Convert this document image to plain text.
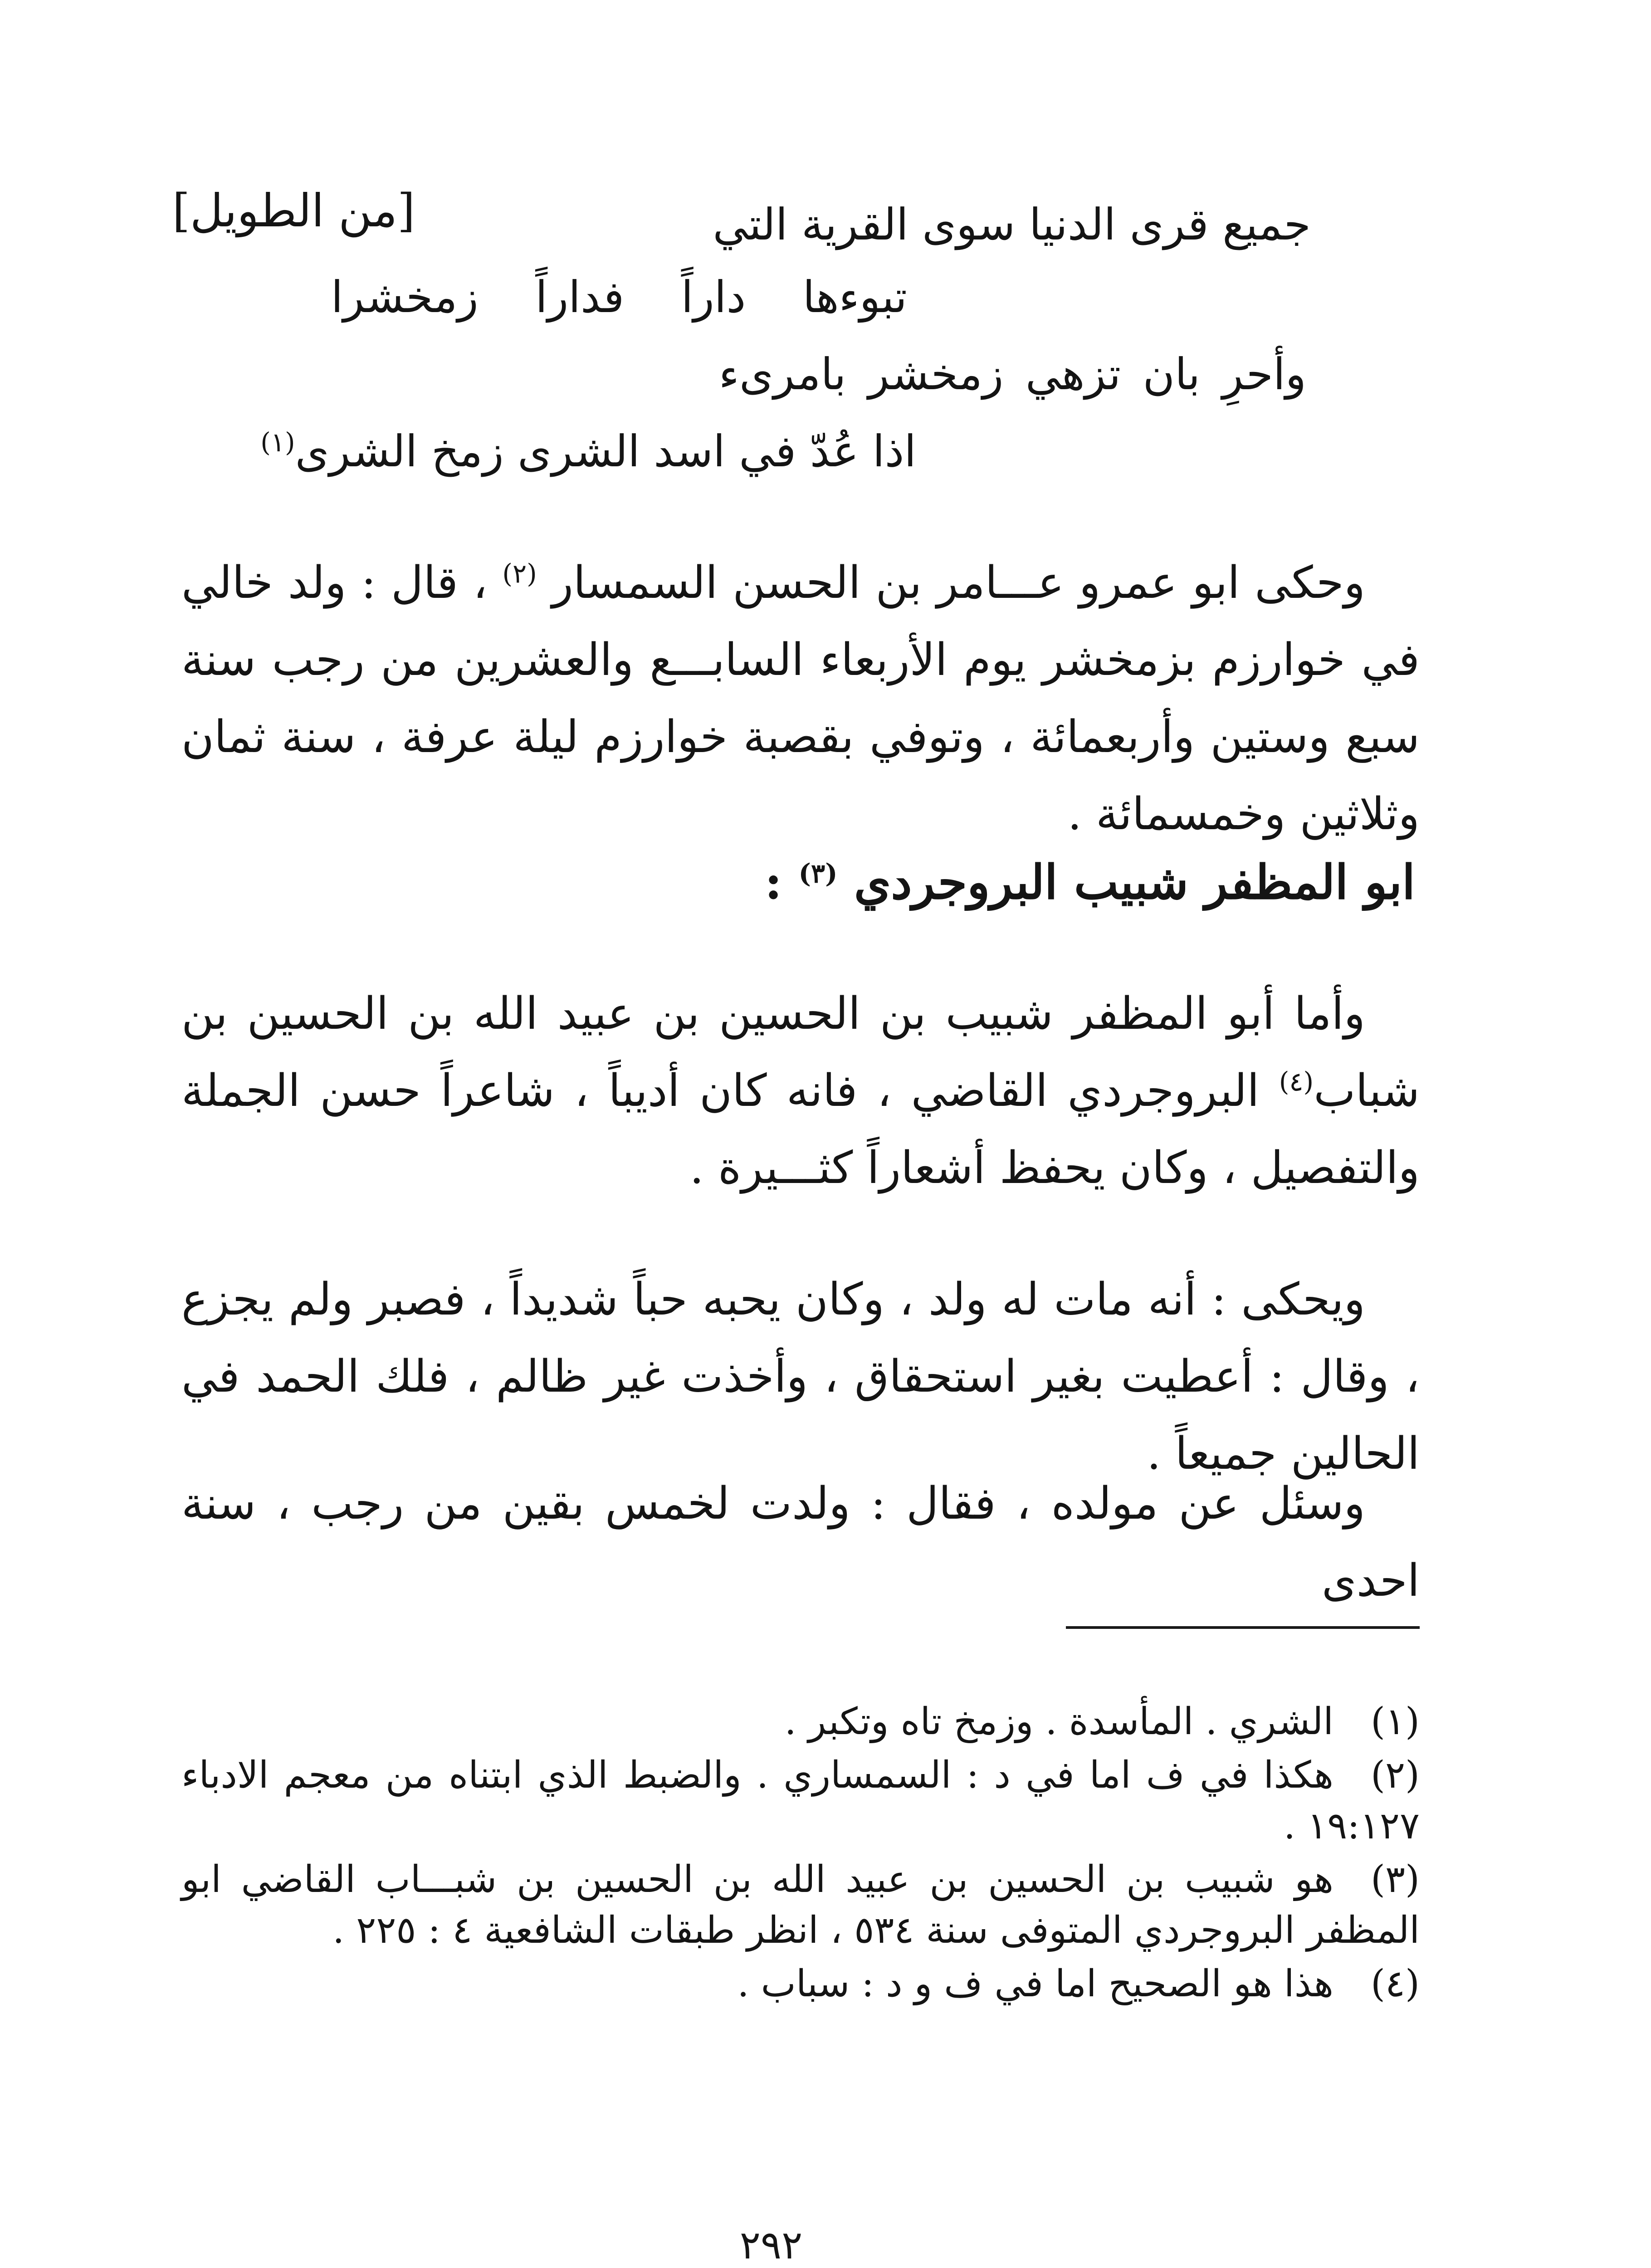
[من الطويل]	جميع قرى الدنيا سوى القرية التي
تبوءها داراً فداراً زمخشرا
وأحرِ بان تزهي زمخشر بامرىء
اذا عُدّ في اسد الشرى زمخ الشرى$^{(١)}$
وحكى ابو عمرو عـــامر بن الحسن السمسار $^{(٢)}$ ، قال : ولد خالي في خوارزم بزمخشر يوم الأربعاء السابـــع والعشرين من رجب سنة سبع وستين وأربعمائة ، وتوفي بقصبة خوارزم ليلة عرفة ، سنة ثمان وثلاثين وخمسمائة .
ابو المظفر شبيب البروجردي $^{(٣)}$ :
وأما أبو المظفر شبيب بن الحسين بن عبيد الله بن الحسين بن شباب$^{(٤)}$ البروجردي القاضي ، فانه كان أديباً ، شاعراً حسن الجملة والتفصيل ، وكان يحفظ أشعاراً كثـــيرة .
ويحكى : أنه مات له ولد ، وكان يحبه حباً شديداً ، فصبر ولم يجزع ، وقال : أعطيت بغير استحقاق ، وأخذت غير ظالم ، فلك الحمد في الحالين جميعاً .
وسئل عن مولده ، فقال : ولدت لخمس بقين من رجب ، سنة احدى
(١)الشري . المأسدة . وزمخ تاه وتكبر .
(٢)هكذا في ف اما في د : السمساري . والضبط الذي ابتناه من معجم الادباء ١٩:١٢٧ .
(٣)هو شبيب بن الحسين بن عبيد الله بن الحسين بن شبـــاب القاضي ابو المظفر البروجردي المتوفى سنة ٥٣٤ ، انظر طبقات الشافعية ٤ : ٢٢٥ .
(٤)هذا هو الصحيح اما في ف و د : سباب .
٢٩٢
